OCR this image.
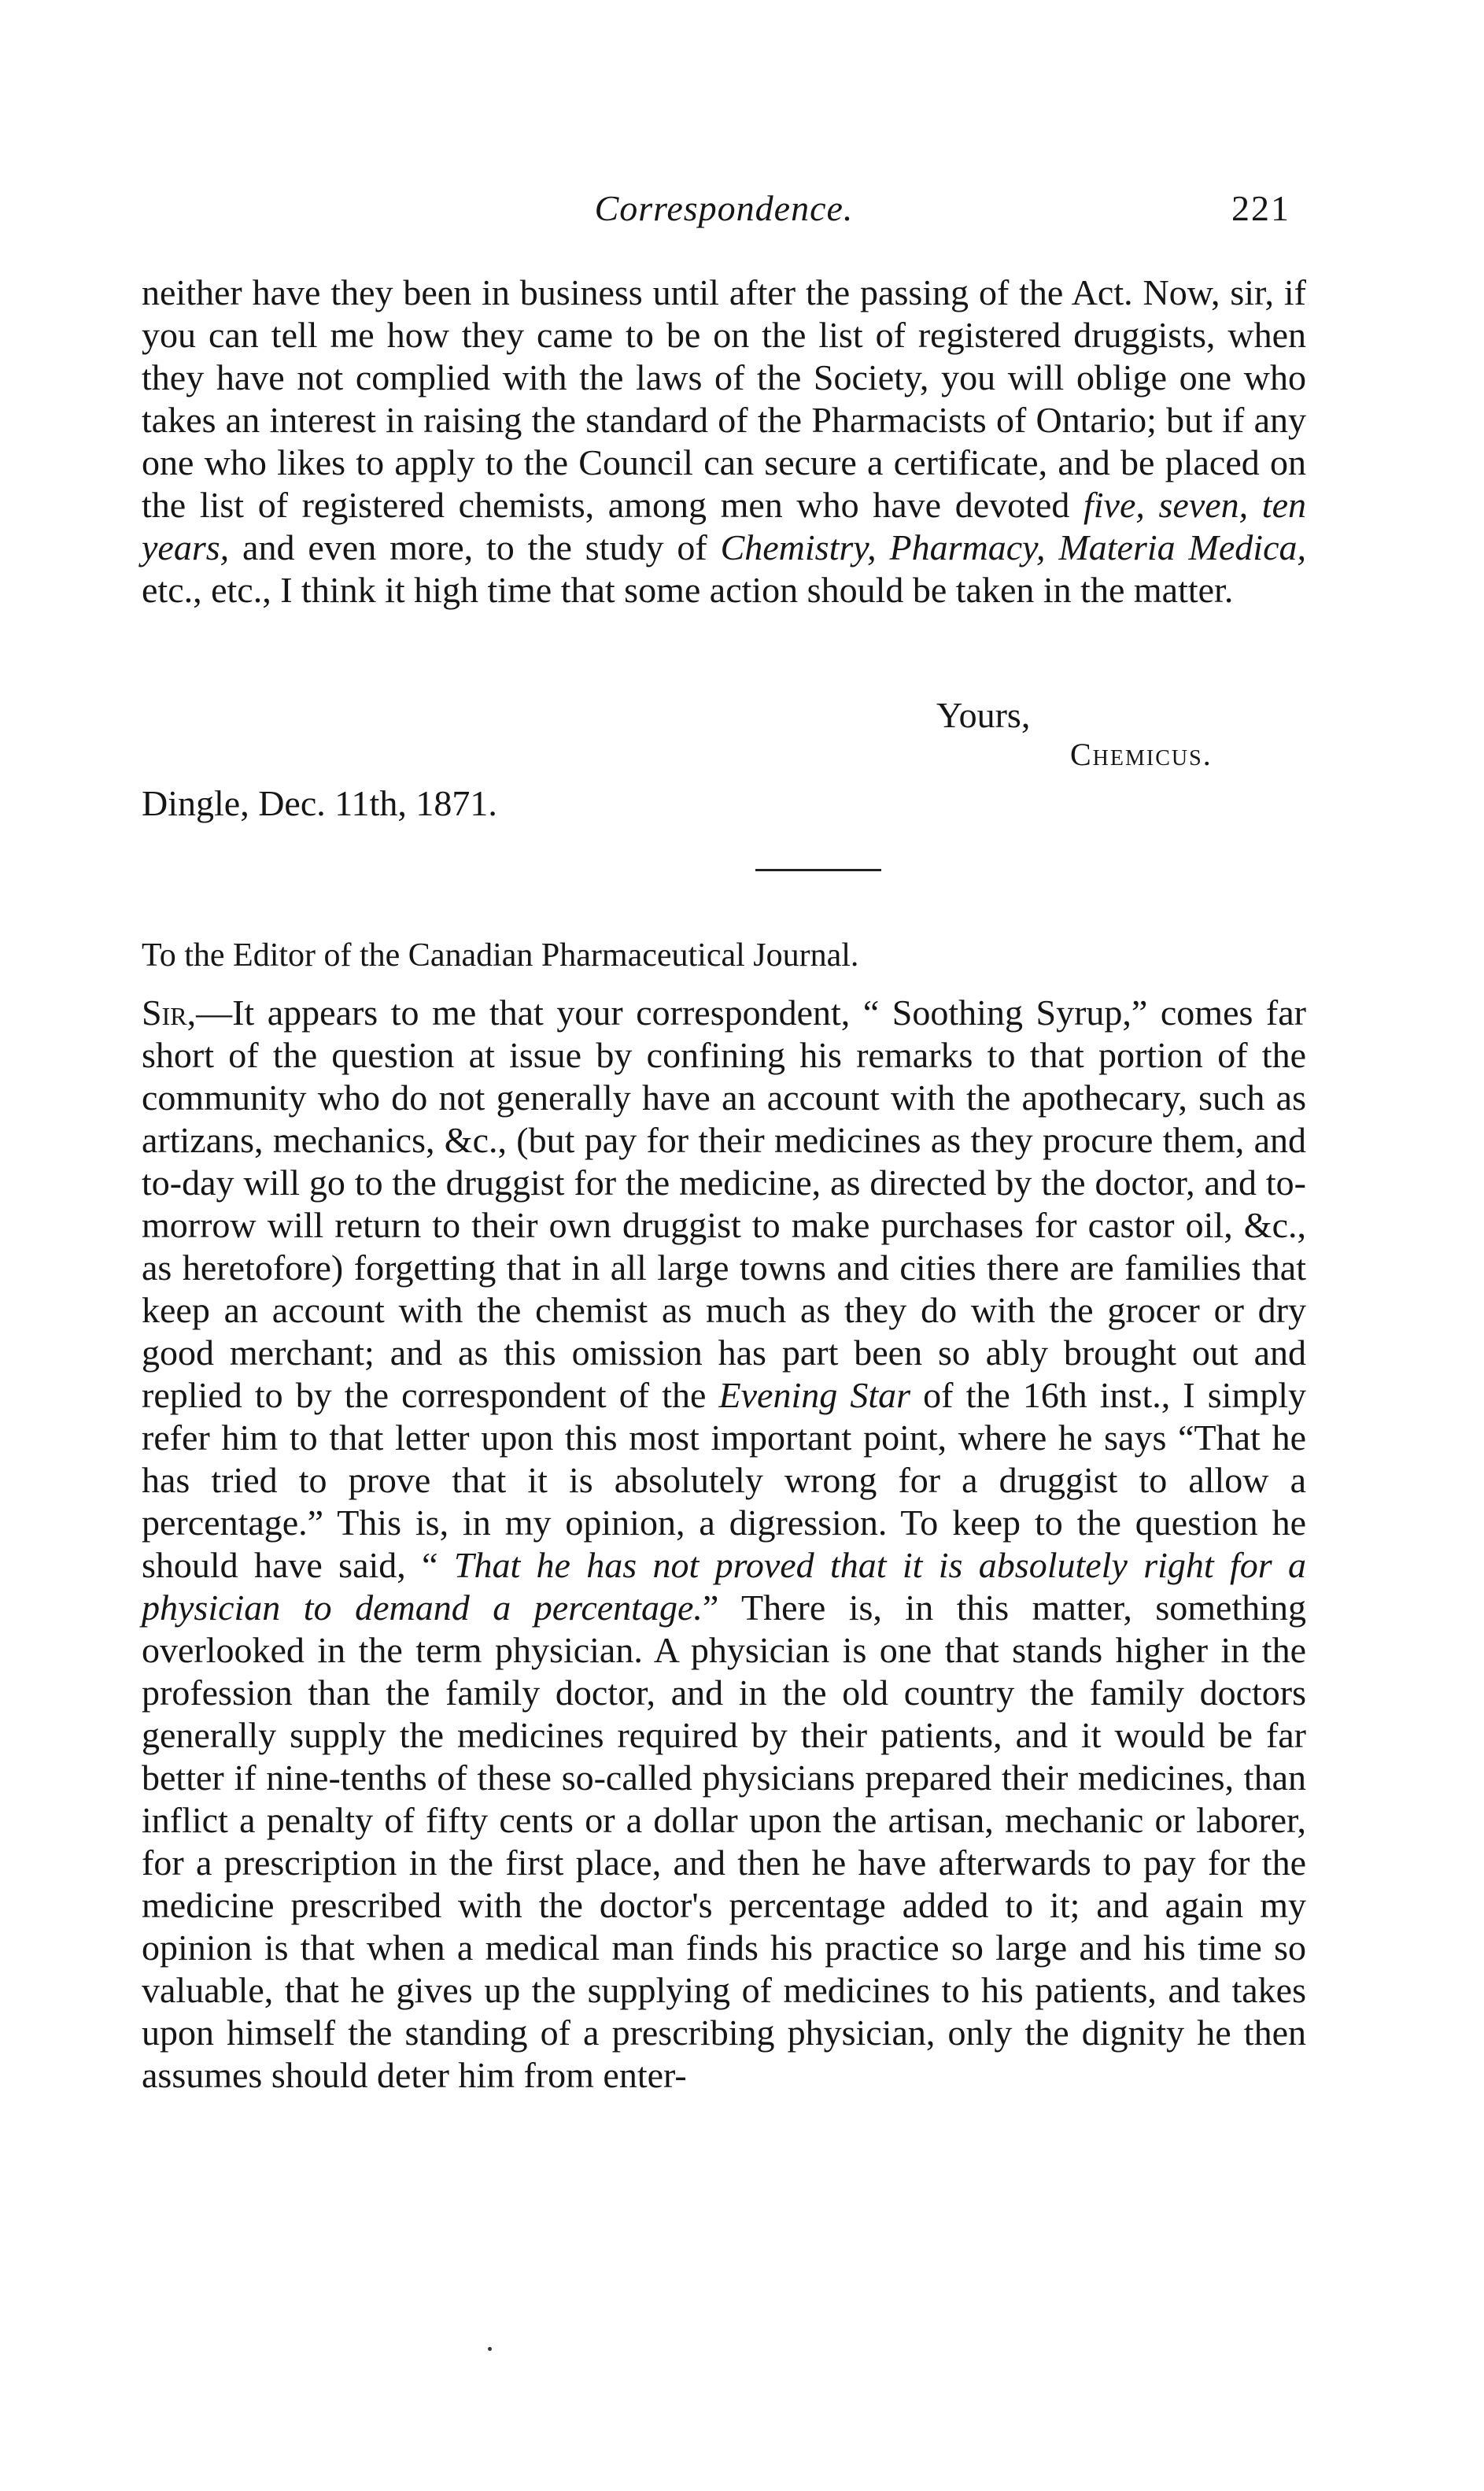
Correspondence.	221

neither have they been in business until after the passing of the Act. Now, sir, if you can tell me how they came to be on the list of registered druggists, when they have not complied with the laws of the Society, you will oblige one who takes an interest in raising the standard of the Pharmacists of Ontario; but if any one who likes to apply to the Council can secure a certificate, and be placed on the list of registered chemists, among men who have devoted five, seven, ten years, and even more, to the study of Chemistry, Pharmacy, Materia Medica, etc., etc., I think it high time that some action should be taken in the matter.

Yours,
Chemicus.
Dingle, Dec. 11th, 1871.
To the Editor of the Canadian Pharmaceutical Journal.

Sir,—It appears to me that your correspondent, “ Soothing Syrup,” comes far short of the question at issue by confining his remarks to that portion of the community who do not generally have an account with the apothecary, such as artizans, mechanics, &c., (but pay for their medicines as they procure them, and to-day will go to the druggist for the medicine, as directed by the doctor, and to-morrow will return to their own druggist to make purchases for castor oil, &c., as heretofore) forgetting that in all large towns and cities there are families that keep an account with the chemist as much as they do with the grocer or dry good merchant; and as this omission has part been so ably brought out and replied to by the correspondent of the Evening Star of the 16th inst., I simply refer him to that letter upon this most important point, where he says “That he has tried to prove that it is absolutely wrong for a druggist to allow a percentage.” This is, in my opinion, a digression. To keep to the question he should have said, “ That he has not proved that it is absolutely right for a physician to demand a percentage.” There is, in this matter, something overlooked in the term physician. A physician is one that stands higher in the profession than the family doctor, and in the old country the family doctors generally supply the medicines required by their patients, and it would be far better if nine-tenths of these so-called physicians prepared their medicines, than inflict a penalty of fifty cents or a dollar upon the artisan, mechanic or laborer, for a prescription in the first place, and then he have afterwards to pay for the medicine prescribed with the doctor's percentage added to it; and again my opinion is that when a medical man finds his practice so large and his time so valuable, that he gives up the supplying of medicines to his patients, and takes upon himself the standing of a prescribing physician, only the dignity he then assumes should deter him from enter-
